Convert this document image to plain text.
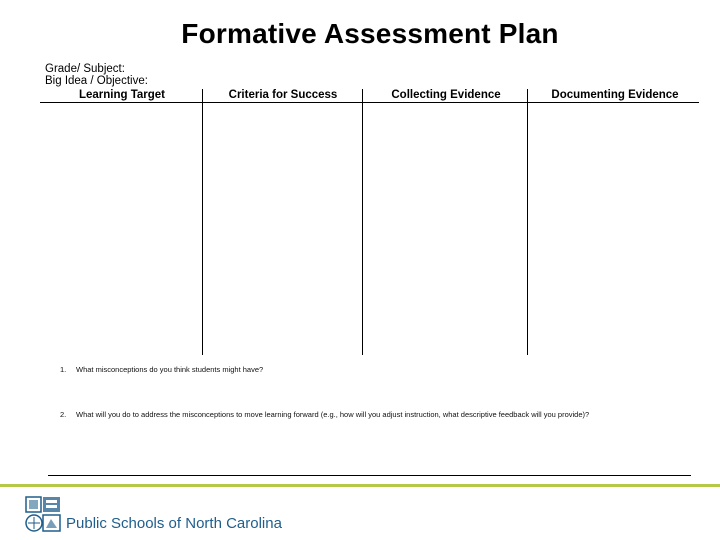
Formative Assessment Plan
Grade/ Subject:
Big Idea / Objective:
Learning Target	Criteria for Success	Collecting Evidence	Documenting Evidence
1. What misconceptions do you think students might have?
2. What will you do to address the misconceptions to move learning forward (e.g., how will you adjust instruction, what descriptive feedback will you provide)?
Public Schools of North Carolina
